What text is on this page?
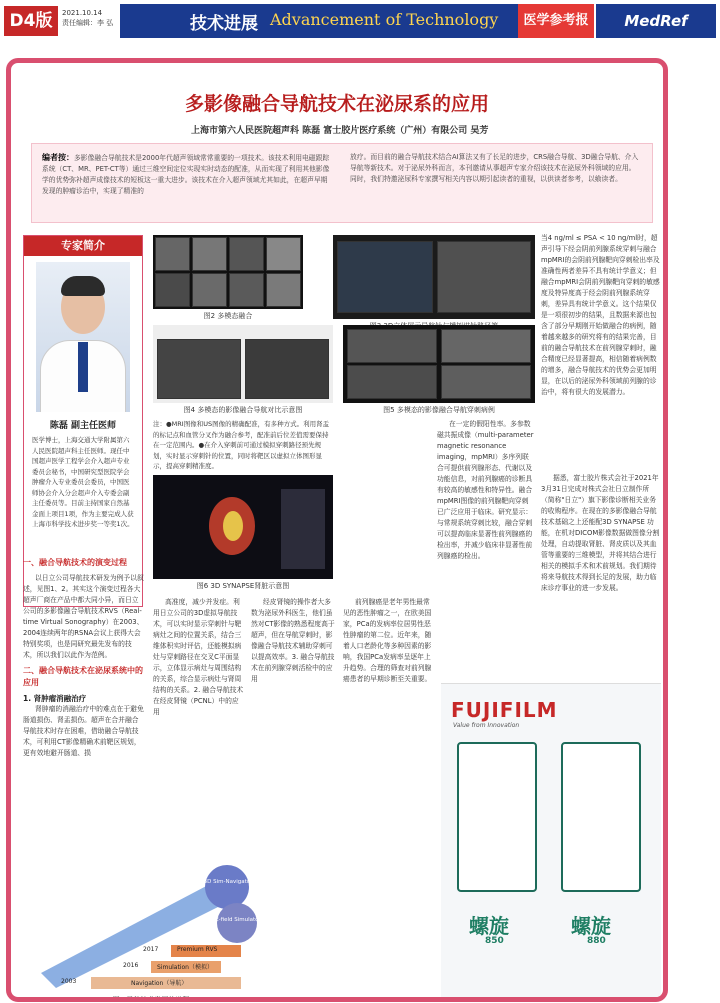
D4版	2021.10.14
责任编辑：李 弘	技术进展 Advancement of Technology	医学参考报	MedRef
多影像融合导航技术在泌尿系的应用
上海市第六人民医院超声科 陈磊 富士胶片医疗系统（广州）有限公司 吴芳

编者按：多影像融合导航技术是2000年代超声领域常常重要的一项技术。该技术利用电磁跟踪系统（CT、MR、PET-CT等）通过三维空间定位实现实时动态的配准，从而实现了利用其他影像学的优势弥补超声成像技术的短板这一重大进步。该技术在介入超声领域尤其如此，在超声早期发现的肿瘤诊治中，实现了精准的

放疗。而目前的融合导航技术结合AI算法又有了长足的进步，CRS融合导航、3D融合导航、介入导航等新技术。对于泌尿外科而言，本刊邀请从事超声专家介绍该技术在泌尿外科领域的应用。同时，我们特邀泌尿科专家撰写相关内容以期引起读者的重视，以供读者参考，以飨读者。

专家简介
陈磊 副主任医师
医学博士，上海交通大学附属第六人民医院超声科主任医师。现任中国超声医学工程学会介入超声专业委员会秘书，中国研究型医院学会肿瘤介入专业委员会委员，中国医师协会介入分会超声介入专委会副主任委员等。目前主持国家自然基金面上项目1项，作为主要完成人获上海市科学技术进步奖一等奖1次。
一、融合导航技术的演变过程
以日立公司导航技术研发为例予以叙述，见图1、2。其实这个演变过程各大超声厂商在产品中都大同小异，而日立公司的多影像融合导航技术RVS（Real-time Virtual Sonography）在2003、2004连续两年的RSNA会议上获得大会特别奖项，也是同研究最先发布的技术，所以我们以此作为范例。
二、融合导航技术在泌尿系统中的应用
1. 肾肿瘤消融治疗
肾肿瘤的消融治疗中的难点在于避免肠道损伤、肾盂损伤。超声在合并融合导航技术时存在困难，借助融合导航技术，可利用CT影像精确术前靶区规划，更有效地避开肠道、损
图2 多模态融合
图4 多模态的影像融合导航对比示意图	图5 多模态的影像融合导航穿刺病例
注：●MRI图像和US图像的精确配准，有多种方式。利用肾盂的标记点和血管分叉作为融合参考，配准前后位差值需要保持在一定范围内。●在介入穿刺前可通过模拟穿刺路径预先规划，实时显示穿刺针的位置，同时将靶区以虚拟立体图形显示，提高穿刺精准度。
在一定的假阳性率。多参数磁共振成像（multi-parameter magnetic resonance imaging，mpMRI）多序列联合可提供前列腺形态、代谢以及功能信息，对前列腺癌的诊断具有较高的敏感性和特异性。融合mpMRI图像的前列腺靶向穿刺已广泛应用于临床。研究显示：与常规系统穿刺比较，融合穿刺可以提高临床显著性前列腺癌的检出率，并减少临床非显著性前列腺癌的检出。
图6 3D SYNAPSE肾脏示意图
高准度，减少并发症。利用日立公司的3D虚拟导航技术，可以实时显示穿刺针与靶病灶之间的位置关系，结合三维体积实时评估，还能模拟病灶与穿刺路径在交叉C平面显示，立体显示病灶与周围结构的关系，综合显示病灶与肾周结构的关系。2. 融合导航技术在经皮肾镜（PCNL）中的应用
经皮肾镜的操作者大多数为泌尿外科医生，他们虽然对CT影像的熟悉程度高于超声，但在导航穿刺时，影像融合导航技术辅助穿刺可以提高效率。3. 融合导航技术在前列腺穿刺活检中的应用
前列腺癌是老年男性最常见的恶性肿瘤之一，在欧美国家，PCa的发病率位居男性恶性肿瘤的第二位。近年来，随着人口老龄化等多种因素的影响，我国PCa发病率呈逐年上升趋势。合理的筛查对前列腺癌患者的早期诊断至关重要。
当4 ng/ml ≤ PSA < 10 ng/ml时，超声引导下经会阴前列腺系统穿刺与融合mpMRI的会阴前列腺靶向穿刺检出率及准确性两者差异不具有统计学意义；但融合mpMRI会阴前列腺靶向穿刺的敏感度及特异度高于经会阴前列腺系统穿刺，差异具有统计学意义。这个结果仅是一项很初步的结果，且数据来源也包含了部分早期刚开始做融合的病例，随着越来越多的研究将有的结果完善，目前的融合导航技术在前列腺穿刺时，融合精度已经显著提高，相信随着病例数的增多，融合导航技术的优势会更加明显，在以后的泌尿外科领域前列腺的诊治中，将有很大的发展潜力。
据悉，富士胶片株式会社于2021年3月31日完成对株式会社日立制作所（简称"日立"）旗下影像诊断相关业务的收购程序。在现在的多影像融合导航技术基础之上还能配3D SYNAPSE 功能，在机对DICOM影像数据做图像分割处理，自动提取肾脏、肾皮质以及其血管等重要的三维模型，并将其结合进行相关的模拟手术和术前规划。我们期待将来导航技术得到长足的发展，助力临床诊疗事业的进一步发展。
3D Sim-Navigator
E-field Simulator
2017	Premium RVS
2016	Simulation（模拟）
2003	Navigation（导航）
图1 导航技术发展的进程
FUJIFILM
Value from Innovation
螺旋
850
螺旋
880
